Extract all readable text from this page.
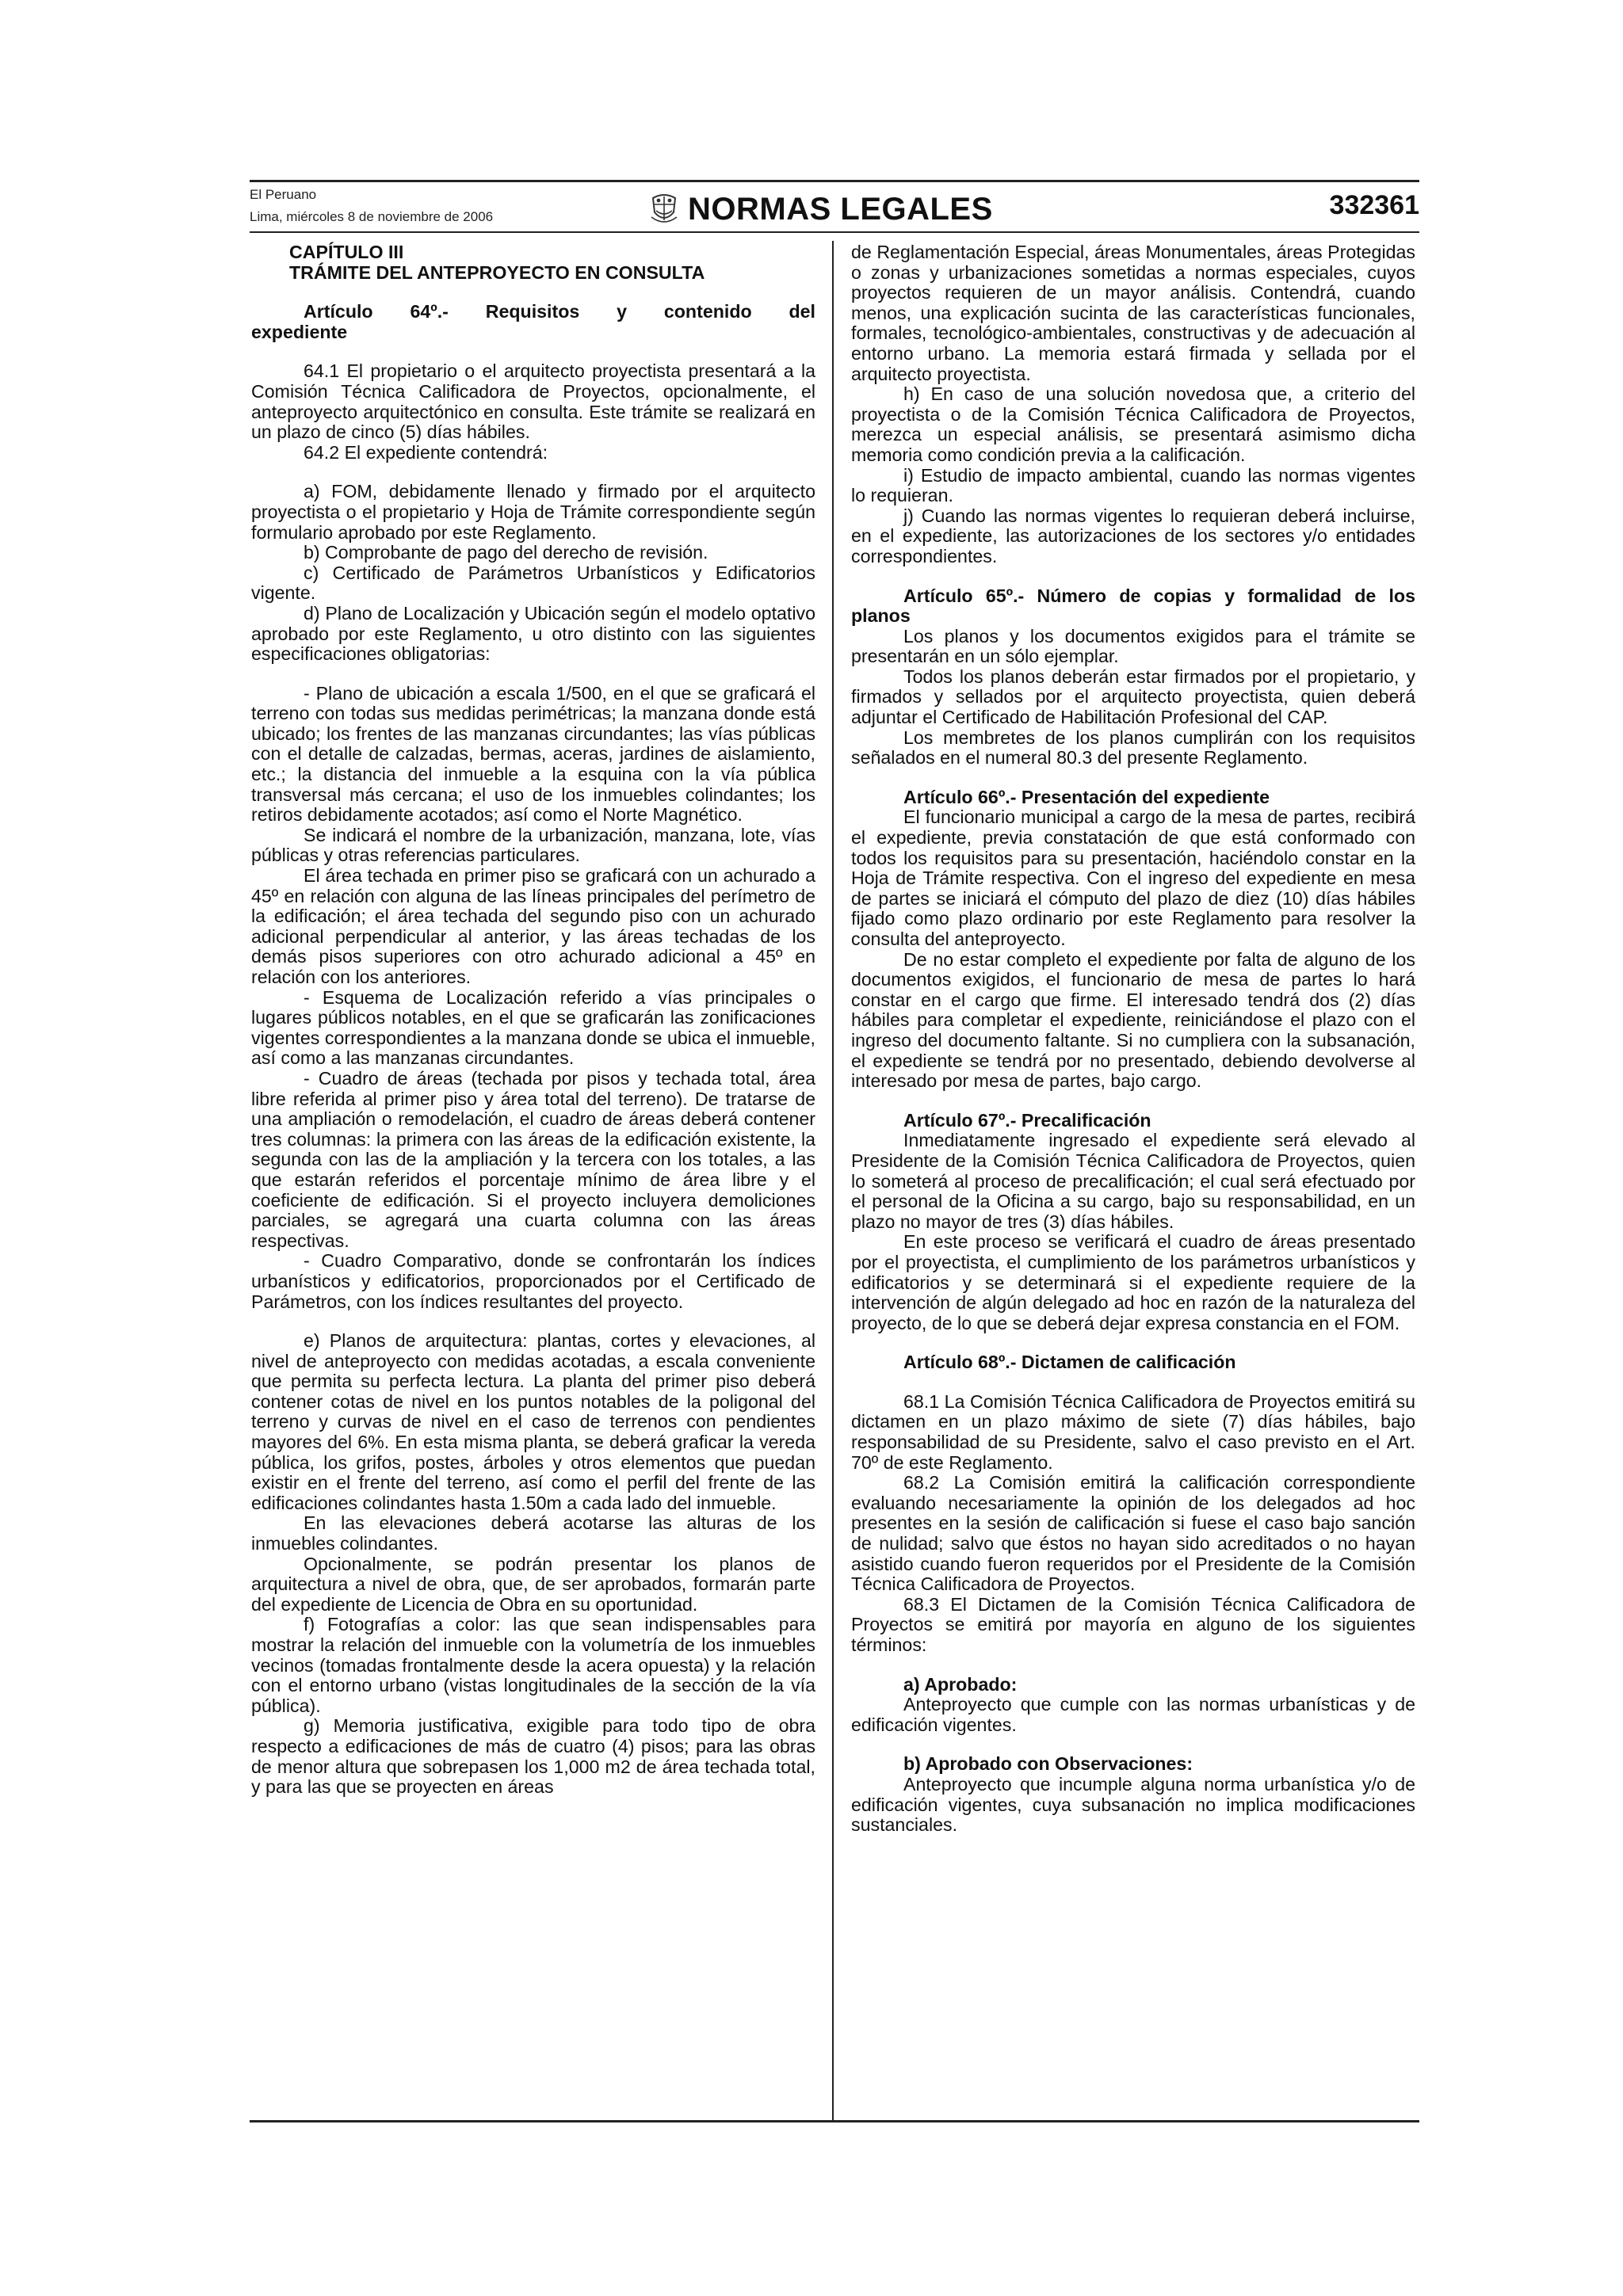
El Peruano
Lima, miércoles 8 de noviembre de 2006	NORMAS LEGALES	332361

CAPÍTULO III

TRÁMITE DEL ANTEPROYECTO EN CONSULTA

Artículo 64º.- Requisitos y contenido del

expediente

64.1 El propietario o el arquitecto proyectista presentará a la Comisión Técnica Calificadora de Proyectos, opcionalmente, el anteproyecto arquitectónico en consulta. Este trámite se realizará en un plazo de cinco (5) días hábiles.

64.2 El expediente contendrá:

a) FOM, debidamente llenado y firmado por el arquitecto proyectista o el propietario y Hoja de Trámite correspondiente según formulario aprobado por este Reglamento.

b) Comprobante de pago del derecho de revisión.

c) Certificado de Parámetros Urbanísticos y Edificatorios vigente.

d) Plano de Localización y Ubicación según el modelo optativo aprobado por este Reglamento, u otro distinto con las siguientes especificaciones obligatorias:

- Plano de ubicación a escala 1/500, en el que se graficará el terreno con todas sus medidas perimétricas; la manzana donde está ubicado; los frentes de las manzanas circundantes; las vías públicas con el detalle de calzadas, bermas, aceras, jardines de aislamiento, etc.; la distancia del inmueble a la esquina con la vía pública transversal más cercana; el uso de los inmuebles colindantes; los retiros debidamente acotados; así como el Norte Magnético.

Se indicará el nombre de la urbanización, manzana, lote, vías públicas y otras referencias particulares.

El área techada en primer piso se graficará con un achurado a 45º en relación con alguna de las líneas principales del perímetro de la edificación; el área techada del segundo piso con un achurado adicional perpendicular al anterior, y las áreas techadas de los demás pisos superiores con otro achurado adicional a 45º en relación con los anteriores.

- Esquema de Localización referido a vías principales o lugares públicos notables, en el que se graficarán las zonificaciones vigentes correspondientes a la manzana donde se ubica el inmueble, así como a las manzanas circundantes.

- Cuadro de áreas (techada por pisos y techada total, área libre referida al primer piso y área total del terreno). De tratarse de una ampliación o remodelación, el cuadro de áreas deberá contener tres columnas: la primera con las áreas de la edificación existente, la segunda con las de la ampliación y la tercera con los totales, a las que estarán referidos el porcentaje mínimo de área libre y el coeficiente de edificación. Si el proyecto incluyera demoliciones parciales, se agregará una cuarta columna con las áreas respectivas.

- Cuadro Comparativo, donde se confrontarán los índices urbanísticos y edificatorios, proporcionados por el Certificado de Parámetros, con los índices resultantes del proyecto.

e) Planos de arquitectura: plantas, cortes y elevaciones, al nivel de anteproyecto con medidas acotadas, a escala conveniente que permita su perfecta lectura. La planta del primer piso deberá contener cotas de nivel en los puntos notables de la poligonal del terreno y curvas de nivel en el caso de terrenos con pendientes mayores del 6%. En esta misma planta, se deberá graficar la vereda pública, los grifos, postes, árboles y otros elementos que puedan existir en el frente del terreno, así como el perfil del frente de las edificaciones colindantes hasta 1.50m a cada lado del inmueble.

En las elevaciones deberá acotarse las alturas de los inmuebles colindantes.

Opcionalmente, se podrán presentar los planos de arquitectura a nivel de obra, que, de ser aprobados, formarán parte del expediente de Licencia de Obra en su oportunidad.

f) Fotografías a color: las que sean indispensables para mostrar la relación del inmueble con la volumetría de los inmuebles vecinos (tomadas frontalmente desde la acera opuesta) y la relación con el entorno urbano (vistas longitudinales de la sección de la vía pública).

g) Memoria justificativa, exigible para todo tipo de obra respecto a edificaciones de más de cuatro (4) pisos; para las obras de menor altura que sobrepasen los 1,000 m2 de área techada total, y para las que se proyecten en áreas

de Reglamentación Especial, áreas Monumentales, áreas Protegidas o zonas y urbanizaciones sometidas a normas especiales, cuyos proyectos requieren de un mayor análisis. Contendrá, cuando menos, una explicación sucinta de las características funcionales, formales, tecnológico-ambientales, constructivas y de adecuación al entorno urbano. La memoria estará firmada y sellada por el arquitecto proyectista.

h) En caso de una solución novedosa que, a criterio del proyectista o de la Comisión Técnica Calificadora de Proyectos, merezca un especial análisis, se presentará asimismo dicha memoria como condición previa a la calificación.

i) Estudio de impacto ambiental, cuando las normas vigentes lo requieran.

j) Cuando las normas vigentes lo requieran deberá incluirse, en el expediente, las autorizaciones de los sectores y/o entidades correspondientes.

Artículo 65º.- Número de copias y formalidad de los planos

Los planos y los documentos exigidos para el trámite se presentarán en un sólo ejemplar.

Todos los planos deberán estar firmados por el propietario, y firmados y sellados por el arquitecto proyectista, quien deberá adjuntar el Certificado de Habilitación Profesional del CAP.

Los membretes de los planos cumplirán con los requisitos señalados en el numeral 80.3 del presente Reglamento.

Artículo 66º.- Presentación del expediente

El funcionario municipal a cargo de la mesa de partes, recibirá el expediente, previa constatación de que está conformado con todos los requisitos para su presentación, haciéndolo constar en la Hoja de Trámite respectiva. Con el ingreso del expediente en mesa de partes se iniciará el cómputo del plazo de diez (10) días hábiles fijado como plazo ordinario por este Reglamento para resolver la consulta del anteproyecto.

De no estar completo el expediente por falta de alguno de los documentos exigidos, el funcionario de mesa de partes lo hará constar en el cargo que firme. El interesado tendrá dos (2) días hábiles para completar el expediente, reiniciándose el plazo con el ingreso del documento faltante. Si no cumpliera con la subsanación, el expediente se tendrá por no presentado, debiendo devolverse al interesado por mesa de partes, bajo cargo.

Artículo 67º.- Precalificación

Inmediatamente ingresado el expediente será elevado al Presidente de la Comisión Técnica Calificadora de Proyectos, quien lo someterá al proceso de precalificación; el cual será efectuado por el personal de la Oficina a su cargo, bajo su responsabilidad, en un plazo no mayor de tres (3) días hábiles.

En este proceso se verificará el cuadro de áreas presentado por el proyectista, el cumplimiento de los parámetros urbanísticos y edificatorios y se determinará si el expediente requiere de la intervención de algún delegado ad hoc en razón de la naturaleza del proyecto, de lo que se deberá dejar expresa constancia en el FOM.

Artículo 68º.- Dictamen de calificación

68.1 La Comisión Técnica Calificadora de Proyectos emitirá su dictamen en un plazo máximo de siete (7) días hábiles, bajo responsabilidad de su Presidente, salvo el caso previsto en el Art. 70º de este Reglamento.

68.2 La Comisión emitirá la calificación correspondiente evaluando necesariamente la opinión de los delegados ad hoc presentes en la sesión de calificación si fuese el caso bajo sanción de nulidad; salvo que éstos no hayan sido acreditados o no hayan asistido cuando fueron requeridos por el Presidente de la Comisión Técnica Calificadora de Proyectos.

68.3 El Dictamen de la Comisión Técnica Calificadora de Proyectos se emitirá por mayoría en alguno de los siguientes términos:

a) Aprobado:

Anteproyecto que cumple con las normas urbanísticas y de edificación vigentes.

b) Aprobado con Observaciones:

Anteproyecto que incumple alguna norma urbanística y/o de edificación vigentes, cuya subsanación no implica modificaciones sustanciales.
